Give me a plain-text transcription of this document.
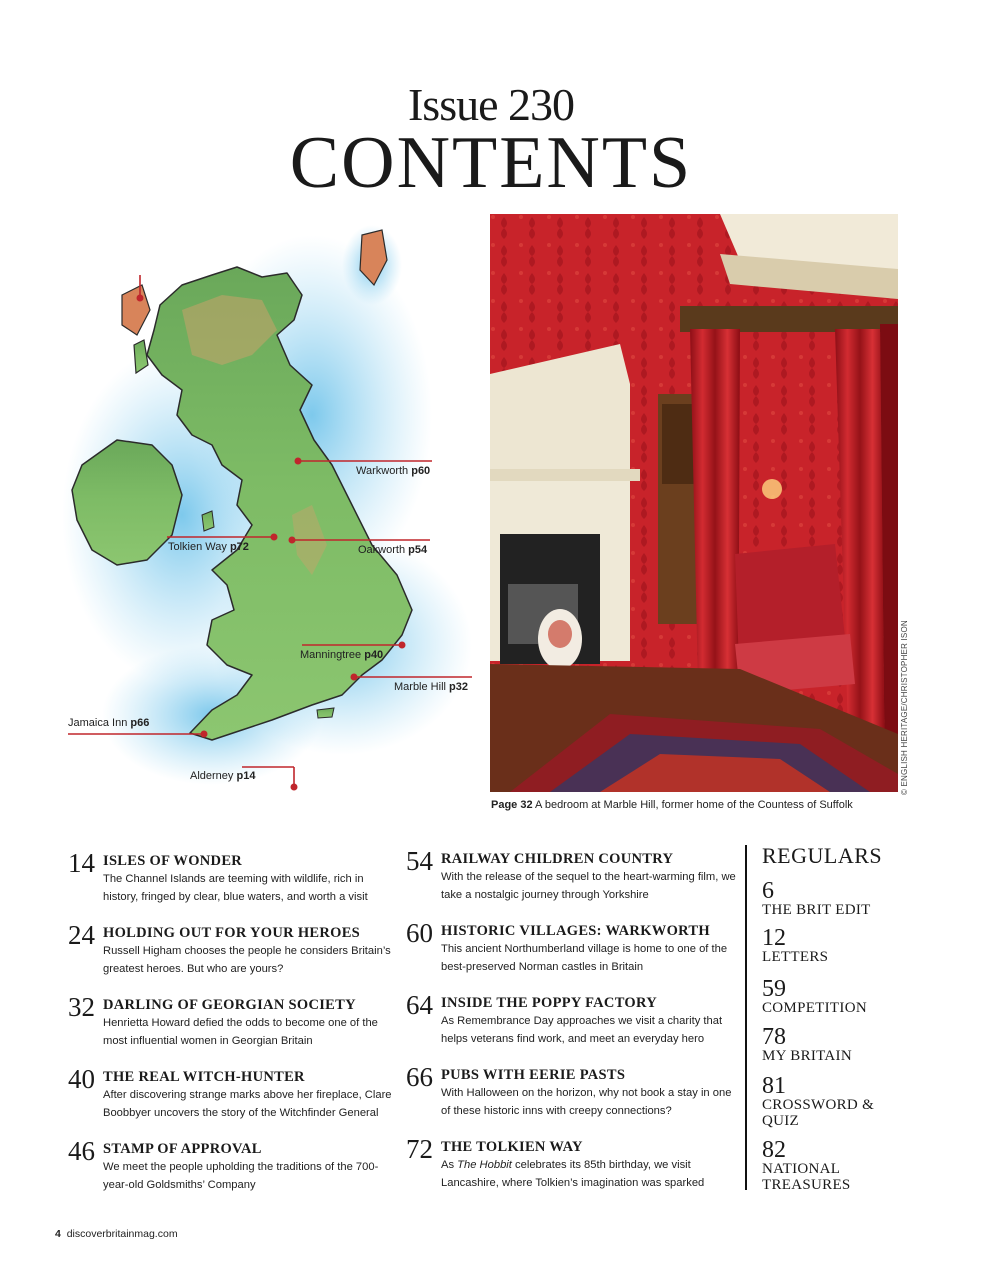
Issue 230
CONTENTS
Warkworth p60
Tolkien Way p72	Oakworth p54
Manningtree p40
Marble Hill p32
Jamaica Inn p66
Alderney p14
Page 32 A bedroom at Marble Hill, former home of the Countess of Suffolk
© ENGLISH HERITAGE/CHRISTOPHER ISON
14 ISLES OF WONDER
The Channel Islands are teeming with wildlife, rich in history, fringed by clear, blue waters, and worth a visit
24 HOLDING OUT FOR YOUR HEROES
Russell Higham chooses the people he considers Britain’s greatest heroes. But who are yours?
32 DARLING OF GEORGIAN SOCIETY
Henrietta Howard defied the odds to become one of the most influential women in Georgian Britain
40 THE REAL WITCH-HUNTER
After discovering strange marks above her fireplace, Clare Boobbyer uncovers the story of the Witchfinder General
46 STAMP OF APPROVAL
We meet the people upholding the traditions of the 700-year-old Goldsmiths’ Company
54 RAILWAY CHILDREN COUNTRY
With the release of the sequel to the heart-warming film, we take a nostalgic journey through Yorkshire
60 HISTORIC VILLAGES: WARKWORTH
This ancient Northumberland village is home to one of the best-preserved Norman castles in Britain
64 INSIDE THE POPPY FACTORY
As Remembrance Day approaches we visit a charity that helps veterans find work, and meet an everyday hero
66 PUBS WITH EERIE PASTS
With Halloween on the horizon, why not book a stay in one of these historic inns with creepy connections?
72 THE TOLKIEN WAY
As The Hobbit celebrates its 85th birthday, we visit Lancashire, where Tolkien’s imagination was sparked
REGULARS
6
THE BRIT EDIT
12
LETTERS
59
COMPETITION
78
MY BRITAIN
81
CROSSWORD & QUIZ
82
NATIONAL TREASURES
4 discoverbritainmag.com
